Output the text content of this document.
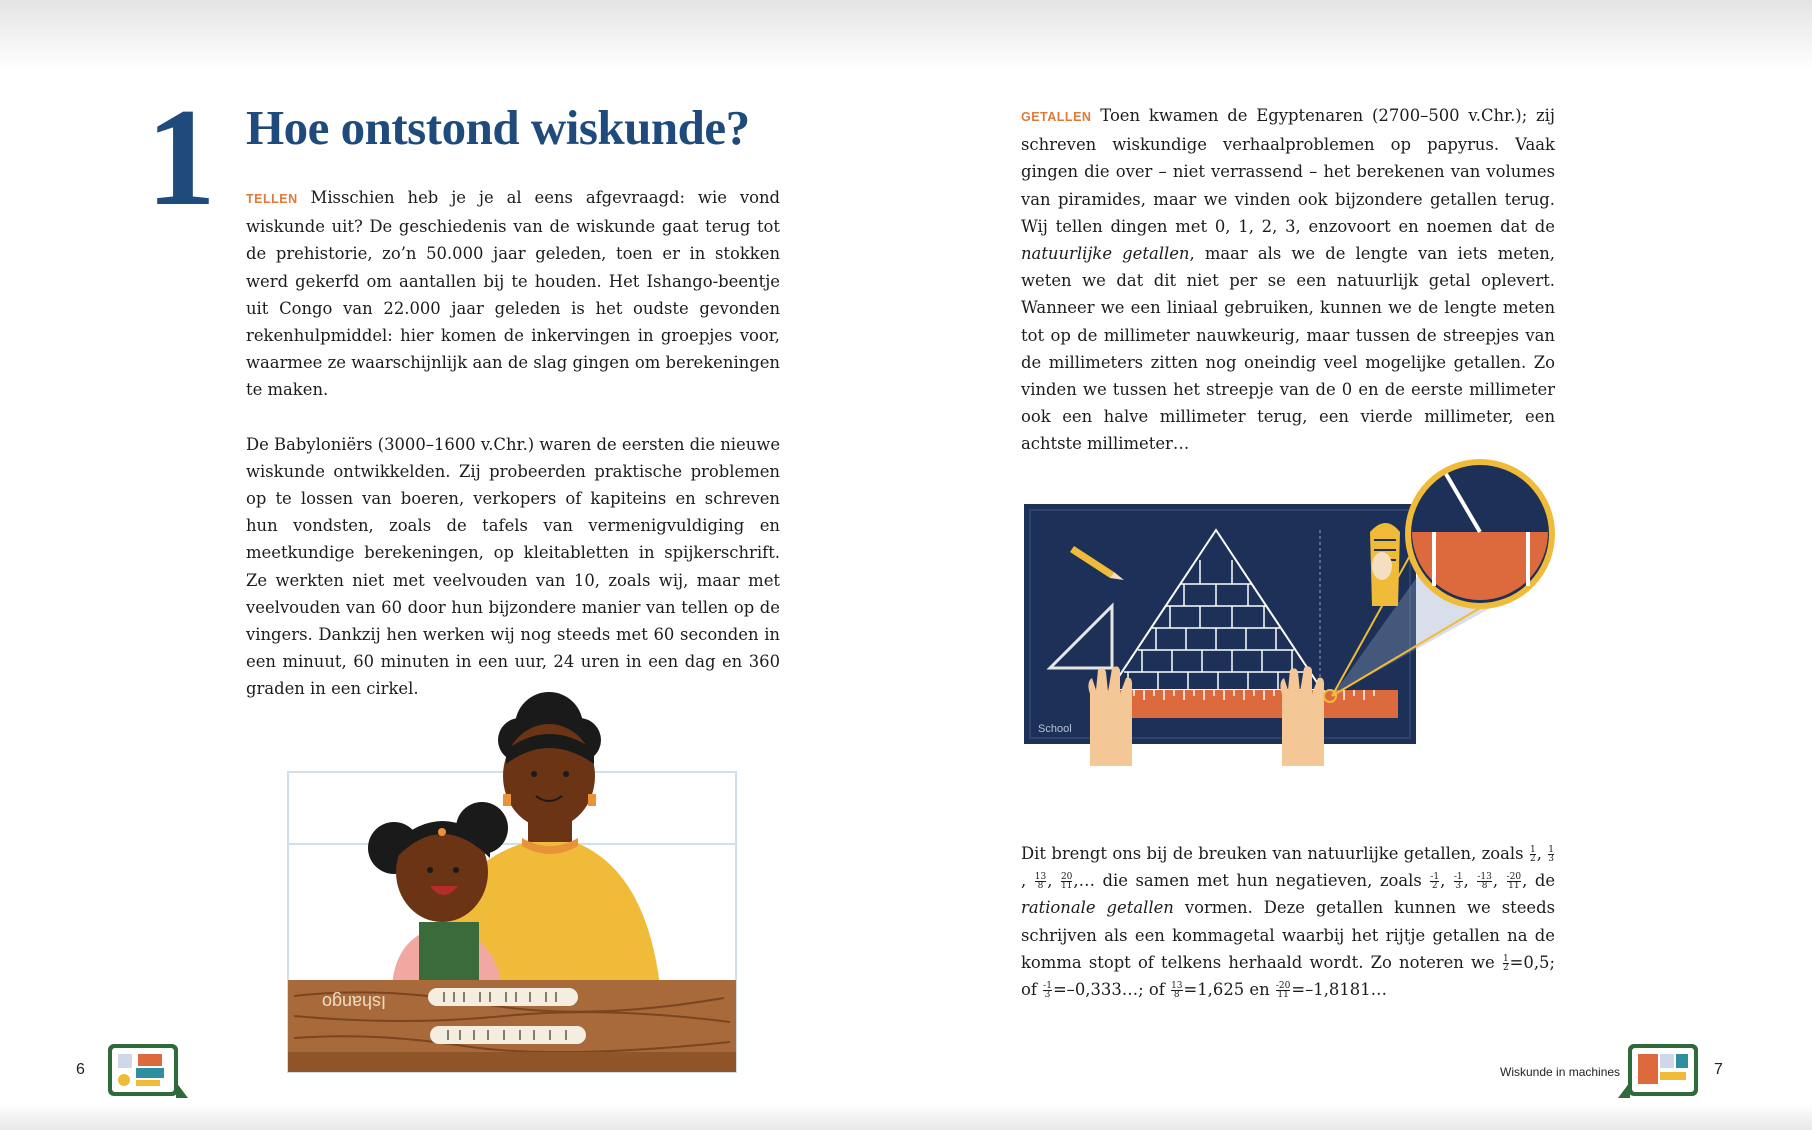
1 Hoe ontstond wiskunde?

TELLEN Misschien heb je je al eens afgevraagd: wie vond wiskunde uit? De geschiedenis van de wiskunde gaat terug tot de prehistorie, zo’n 50.000 jaar geleden, toen er in stokken werd gekerfd om aantallen bij te houden. Het Ishango-beentje uit Congo van 22.000 jaar geleden is het oudste gevonden rekenhulpmiddel: hier komen de inkervingen in groepjes voor, waarmee ze waarschijnlijk aan de slag gingen om berekeningen te maken.

De Babyloniërs (3000–1600 v.Chr.) waren de eersten die nieuwe wiskunde ontwikkelden. Zij probeerden praktische problemen op te lossen van boeren, verkopers of kapiteins en schreven hun vondsten, zoals de tafels van vermenigvuldiging en meetkundige berekeningen, op kleitabletten in spijkerschrift. Ze werkten niet met veelvouden van 10, zoals wij, maar met veelvouden van 60 door hun bijzondere manier van tellen op de vingers. Dankzij hen werken wij nog steeds met 60 seconden in een minuut, 60 minuten in een uur, 24 uren in een dag en 360 graden in een cirkel.

Ishango

GETALLEN Toen kwamen de Egyptenaren (2700–500 v.Chr.); zij schreven wiskundige verhaalproblemen op papyrus. Vaak gingen die over – niet verrassend – het berekenen van volumes van piramides, maar we vinden ook bijzondere getallen terug. Wij tellen dingen met 0, 1, 2, 3, enzovoort en noemen dat de natuurlijke getallen, maar als we de lengte van iets meten, weten we dat dit niet per se een natuurlijk getal oplevert. Wanneer we een liniaal gebruiken, kunnen we de lengte meten tot op de millimeter nauwkeurig, maar tussen de streepjes van de millimeters zitten nog oneindig veel mogelijke getallen. Zo vinden we tussen het streepje van de 0 en de eerste millimeter ook een halve millimeter terug, een vierde millimeter, een achtste millimeter…

School

Dit brengt ons bij de breuken van natuurlijke getallen, zoals $\frac{1}{2}$ , $\frac{1}{3}$
, $\frac{13}{8}$ , $\frac{20}{11}$ ,… die samen met hun negatieven, zoals $\frac{-1}{2}$ , $\frac{-1}{3}$ , $\frac{-13}{8}$ , $\frac{-20}{11}$ , de rationale getallen vormen. Deze getallen kunnen we steeds schrijven als een kommagetal waarbij het rijtje getallen na de komma stopt of telkens herhaald wordt. Zo noteren we $\frac{1}{2} =0,5$; of $\frac{-1}{3}$ =–0,333…; of $\frac{13}{8} =1,625$ en $\frac{-20}{11}$ =–1,8181…

6	Wiskunde in machines	7
